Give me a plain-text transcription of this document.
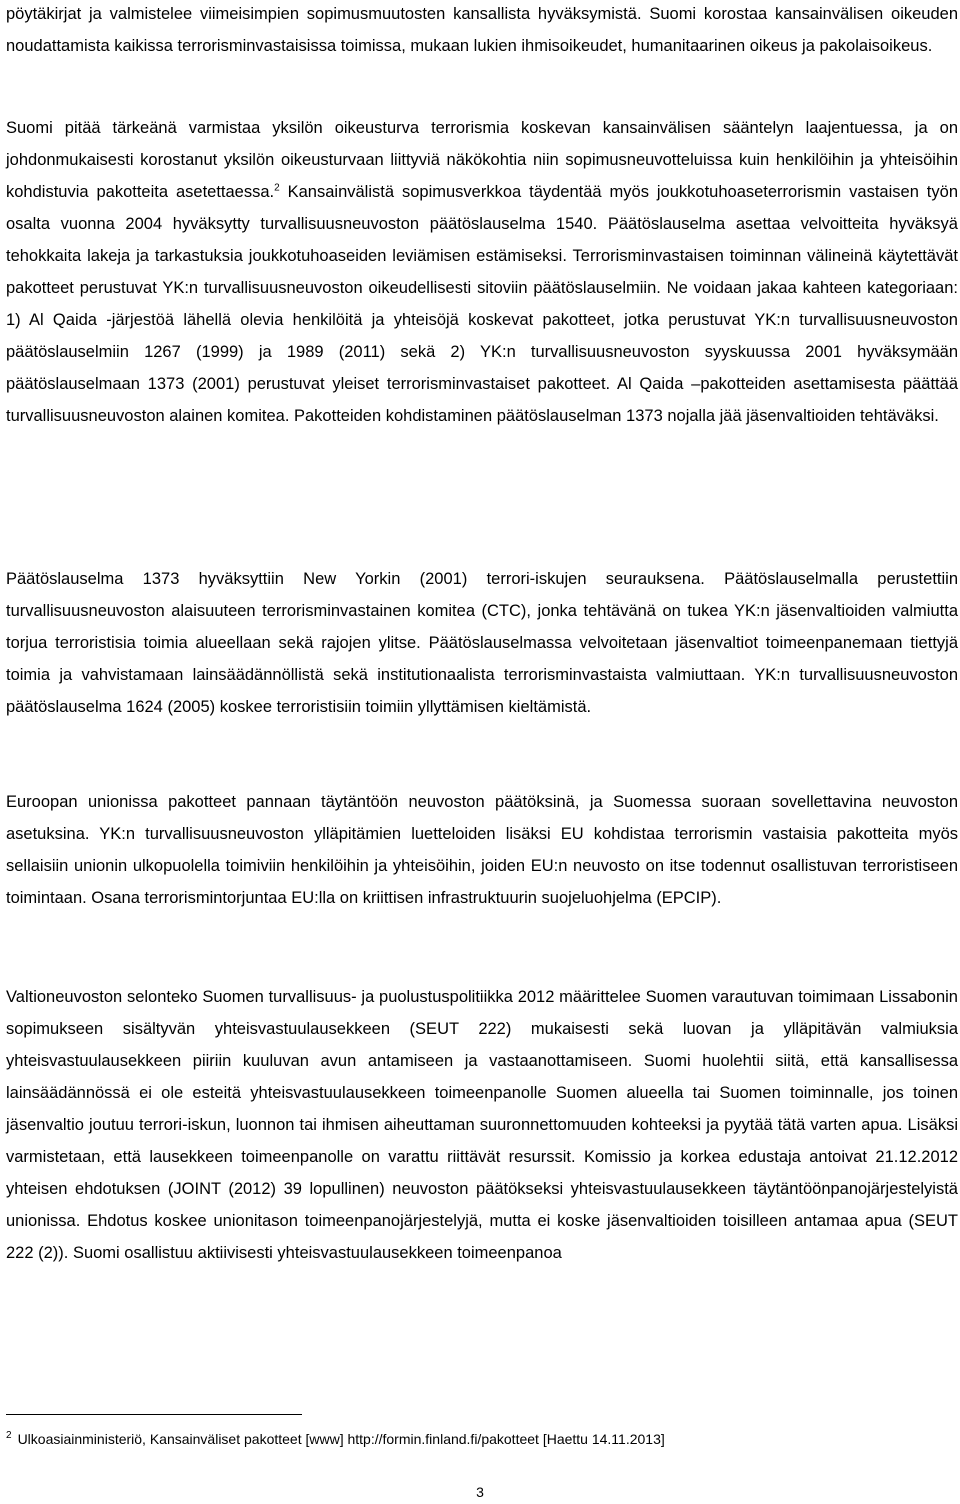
pöytäkirjat ja valmistelee viimeisimpien sopimusmuutosten kansallista hyväksymistä. Suomi korostaa kansainvälisen oikeuden noudattamista kaikissa terrorisminvastaisissa toimissa, mukaan lukien ihmisoikeudet, humanitaarinen oikeus ja pakolaisoikeus.

Suomi pitää tärkeänä varmistaa yksilön oikeusturva terrorismia koskevan kansainvälisen sääntelyn laajentuessa, ja on johdonmukaisesti korostanut yksilön oikeusturvaan liittyviä näkökohtia niin sopimusneuvotteluissa kuin henkilöihin ja yhteisöihin kohdistuvia pakotteita asetettaessa.$^2$ Kansainvälistä sopimusverkkoa täydentää myös joukkotuhoaseterrorismin vastaisen työn osalta vuonna 2004 hyväksytty turvallisuusneuvoston päätöslauselma 1540. Päätöslauselma asettaa velvoitteita hyväksyä tehokkaita lakeja ja tarkastuksia joukkotuhoaseiden leviämisen estämiseksi. Terrorisminvastaisen toiminnan välineinä käytettävät pakotteet perustuvat YK:n turvallisuusneuvoston oikeudellisesti sitoviin päätöslauselmiin. Ne voidaan jakaa kahteen kategoriaan: 1) Al Qaida -järjestöä lähellä olevia henkilöitä ja yhteisöjä koskevat pakotteet, jotka perustuvat YK:n turvallisuusneuvoston päätöslauselmiin 1267 (1999) ja 1989 (2011) sekä 2) YK:n turvallisuusneuvoston syyskuussa 2001 hyväksymään päätöslauselmaan 1373 (2001) perustuvat yleiset terrorisminvastaiset pakotteet. Al Qaida –pakotteiden asettamisesta päättää turvallisuusneuvoston alainen komitea. Pakotteiden kohdistaminen päätöslauselman 1373 nojalla jää jäsenvaltioiden tehtäväksi.

Päätöslauselma 1373 hyväksyttiin New Yorkin (2001) terrori-iskujen seurauksena. Päätöslauselmalla perustettiin turvallisuusneuvoston alaisuuteen terrorisminvastainen komitea (CTC), jonka tehtävänä on tukea YK:n jäsenvaltioiden valmiutta torjua terroristisia toimia alueellaan sekä rajojen ylitse. Päätöslauselmassa velvoitetaan jäsenvaltiot toimeenpanemaan tiettyjä toimia ja vahvistamaan lainsäädännöllistä sekä institutionaalista terrorisminvastaista valmiuttaan. YK:n turvallisuusneuvoston päätöslauselma 1624 (2005) koskee terroristisiin toimiin yllyttämisen kieltämistä.

Euroopan unionissa pakotteet pannaan täytäntöön neuvoston päätöksinä, ja Suomessa suoraan sovellettavina neuvoston asetuksina. YK:n turvallisuusneuvoston ylläpitämien luetteloiden lisäksi EU kohdistaa terrorismin vastaisia pakotteita myös sellaisiin unionin ulkopuolella toimiviin henkilöihin ja yhteisöihin, joiden EU:n neuvosto on itse todennut osallistuvan terroristiseen toimintaan. Osana terrorismintorjuntaa EU:lla on kriittisen infrastruktuurin suojeluohjelma (EPCIP).

Valtioneuvoston selonteko Suomen turvallisuus- ja puolustuspolitiikka 2012 määrittelee Suomen varautuvan toimimaan Lissabonin sopimukseen sisältyvän yhteisvastuulausekkeen (SEUT 222) mukaisesti sekä luovan ja ylläpitävän valmiuksia yhteisvastuulausekkeen piiriin kuuluvan avun antamiseen ja vastaanottamiseen. Suomi huolehtii siitä, että kansallisessa lainsäädännössä ei ole esteitä yhteisvastuulausekkeen toimeenpanolle Suomen alueella tai Suomen toiminnalle, jos toinen jäsenvaltio joutuu terrori-iskun, luonnon tai ihmisen aiheuttaman suuronnettomuuden kohteeksi ja pyytää tätä varten apua. Lisäksi varmistetaan, että lausekkeen toimeenpanolle on varattu riittävät resurssit. Komissio ja korkea edustaja antoivat 21.12.2012 yhteisen ehdotuksen (JOINT (2012) 39 lopullinen) neuvoston päätökseksi yhteisvastuulausekkeen täytäntöönpanojärjestelyistä unionissa. Ehdotus koskee unionitason toimeenpanojärjestelyjä, mutta ei koske jäsenvaltioiden toisilleen antamaa apua (SEUT 222 (2)). Suomi osallistuu aktiivisesti yhteisvastuulausekkeen toimeenpanoa

$^2$ Ulkoasiainministeriö, Kansainväliset pakotteet [www] http://formin.finland.fi/pakotteet [Haettu 14.11.2013]

3
